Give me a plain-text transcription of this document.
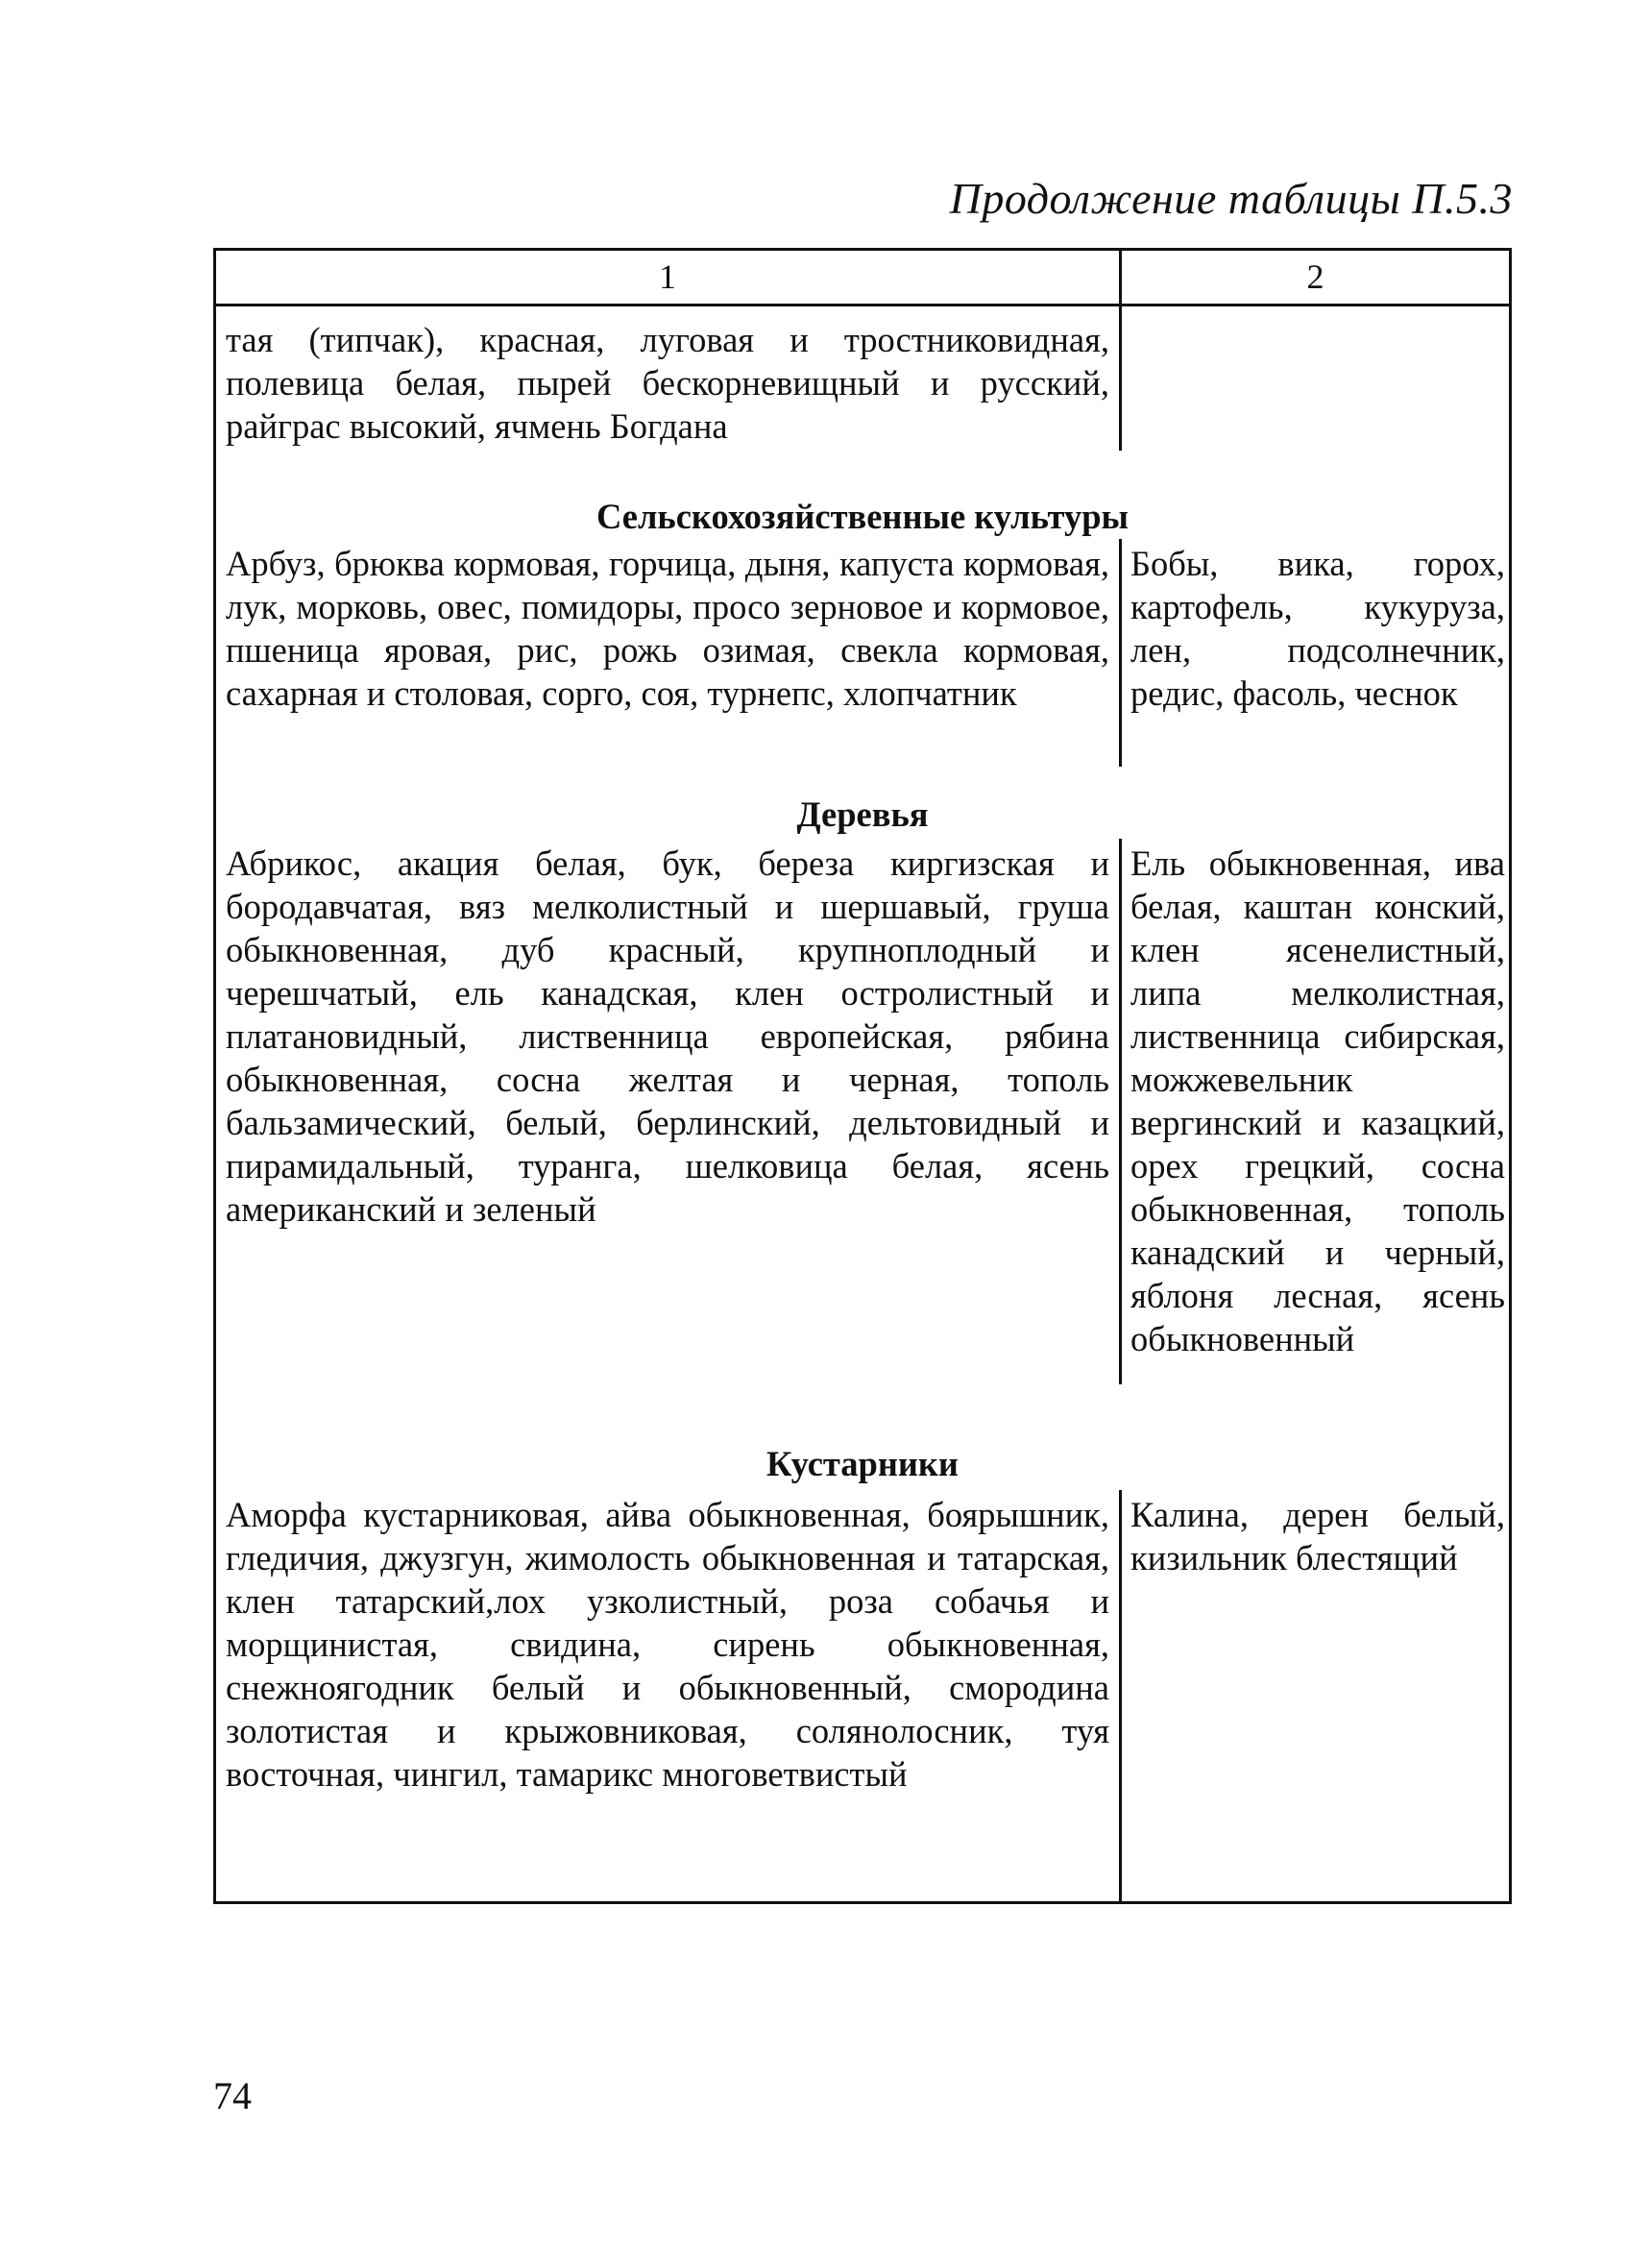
Продолжение таблицы П.5.3
1	2
тая (типчак), красная, луговая и тростниковидная, полевица белая, пырей бескорневищный и русский, райграс высокий, ячмень Богдана
Сельскохозяйственные культуры
Арбуз, брюква кормовая, горчица, дыня, капуста кормовая, лук, морковь, овес, помидоры, просо зерновое и кормовое, пшеница яровая, рис, рожь озимая, свекла кормовая, сахарная и столовая, сорго, соя, турнепс, хлопчатник
Бобы, вика, горох, картофель, кукуруза, лен, подсолнечник, редис, фасоль, чеснок
Деревья
Абрикос, акация белая, бук, береза киргизская и бородавчатая, вяз мелколистный и шершавый, груша обыкновенная, дуб красный, крупноплодный и черешчатый, ель канадская, клен остролистный и платановидный, лиственница европейская, рябина обыкновенная, сосна желтая и черная, тополь бальзамический, белый, берлинский, дельтовидный и пирамидальный, туранга, шелковица белая, ясень американский и зеленый
Ель обыкновенная, ива белая, каштан конский, клен ясенелистный, липа мелколистная, лиственница сибирская, можжевельник вергинский и казацкий, орех грецкий, сосна обыкновенная, тополь канадский и черный, яблоня лесная, ясень обыкновенный
Кустарники
Аморфа кустарниковая, айва обыкновенная, боярышник, гледичия, джузгун, жимолость обыкновенная и татарская, клен татарский,лох узколистный, роза собачья и морщинистая, свидина, сирень обыкновенная, снежноягодник белый и обыкновенный, смородина золотистая и крыжовниковая, солянолосник, туя восточная, чингил, тамарикс многоветвистый
Калина, дерен белый, кизильник блестящий
74
